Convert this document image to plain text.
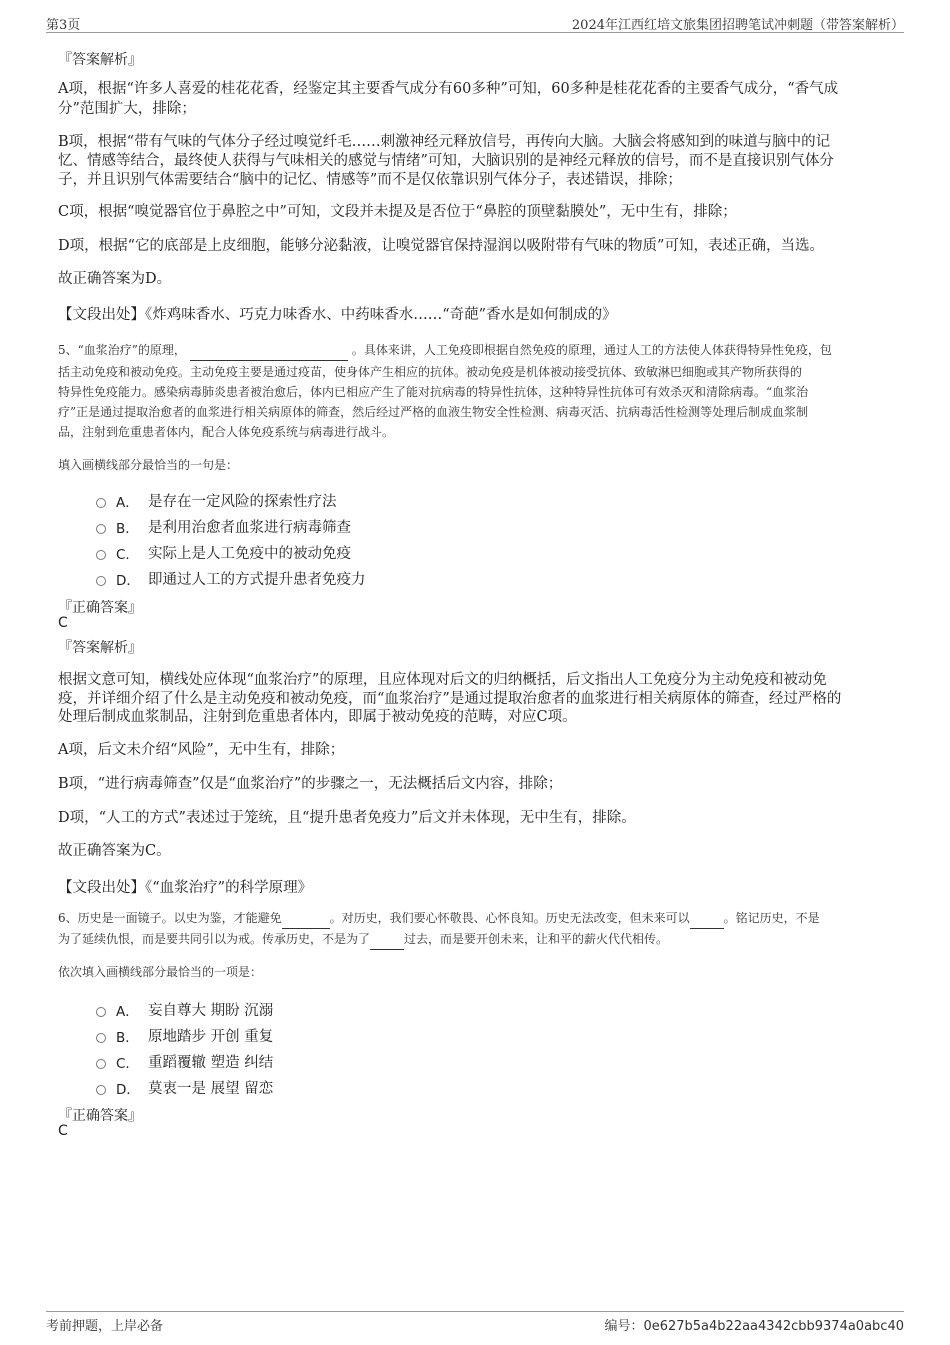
第3页	2024年江西红培文旅集团招聘笔试冲刺题（带答案解析）
『答案解析』
A项，根据“许多人喜爱的桂花花香，经鉴定其主要香气成分有60多种”可知，60多种是桂花花香的主要香气成分，“香气成
分”范围扩大，排除；
B项，根据“带有气味的气体分子经过嗅觉纤毛……刺激神经元释放信号，再传向大脑。大脑会将感知到的味道与脑中的记
忆、情感等结合，最终使人获得与气味相关的感觉与情绪”可知，大脑识别的是神经元释放的信号，而不是直接识别气体分
子，并且识别气体需要结合“脑中的记忆、情感等”而不是仅依靠识别气体分子，表述错误，排除；
C项，根据“嗅觉器官位于鼻腔之中”可知，文段并未提及是否位于“鼻腔的顶壁黏膜处”，无中生有，排除；
D项，根据“它的底部是上皮细胞，能够分泌黏液，让嗅觉器官保持湿润以吸附带有气味的物质”可知，表述正确，当选。
故正确答案为D。
【文段出处】《炸鸡味香水、巧克力味香水、中药味香水……“奇葩”香水是如何制成的》
5、“血浆治疗”的原理，	。具体来讲，人工免疫即根据自然免疫的原理，通过人工的方法使人体获得特异性免疫，包
括主动免疫和被动免疫。主动免疫主要是通过疫苗，使身体产生相应的抗体。被动免疫是机体被动接受抗体、致敏淋巴细胞或其产物所获得的
特异性免疫能力。感染病毒肺炎患者被治愈后，体内已相应产生了能对抗病毒的特异性抗体，这种特异性抗体可有效杀灭和清除病毒。“血浆治
疗”正是通过提取治愈者的血浆进行相关病原体的筛查，然后经过严格的血液生物安全性检测、病毒灭活、抗病毒活性检测等处理后制成血浆制
品，注射到危重患者体内，配合人体免疫系统与病毒进行战斗。
填入画横线部分最恰当的一句是：
A． 是存在一定风险的探索性疗法
B． 是利用治愈者血浆进行病毒筛查
C． 实际上是人工免疫中的被动免疫
D． 即通过人工的方式提升患者免疫力
『正确答案』
C
『答案解析』
根据文意可知，横线处应体现“血浆治疗”的原理，且应体现对后文的归纳概括，后文指出人工免疫分为主动免疫和被动免
疫，并详细介绍了什么是主动免疫和被动免疫，而“血浆治疗”是通过提取治愈者的血浆进行相关病原体的筛查，经过严格的
处理后制成血浆制品，注射到危重患者体内，即属于被动免疫的范畴，对应C项。
A项，后文未介绍“风险”，无中生有，排除；
B项，“进行病毒筛查”仅是“血浆治疗”的步骤之一，无法概括后文内容，排除；
D项，“人工的方式”表述过于笼统，且“提升患者免疫力”后文并未体现，无中生有，排除。
故正确答案为C。
【文段出处】《“血浆治疗”的科学原理》
6、历史是一面镜子。以史为鉴，才能避免	。对历史，我们要心怀敬畏、心怀良知。历史无法改变，但未来可以	。铭记历史，不是
为了延续仇恨，而是要共同引以为戒。传承历史，不是为了	过去，而是要开创未来，让和平的薪火代代相传。
依次填入画横线部分最恰当的一项是：
A． 妄自尊大 期盼 沉溺
B． 原地踏步 开创 重复
C． 重蹈覆辙 塑造 纠结
D． 莫衷一是 展望 留恋
『正确答案』
C
考前押题，上岸必备	编号：0e627b5a4b22aa4342cbb9374a0abc40
